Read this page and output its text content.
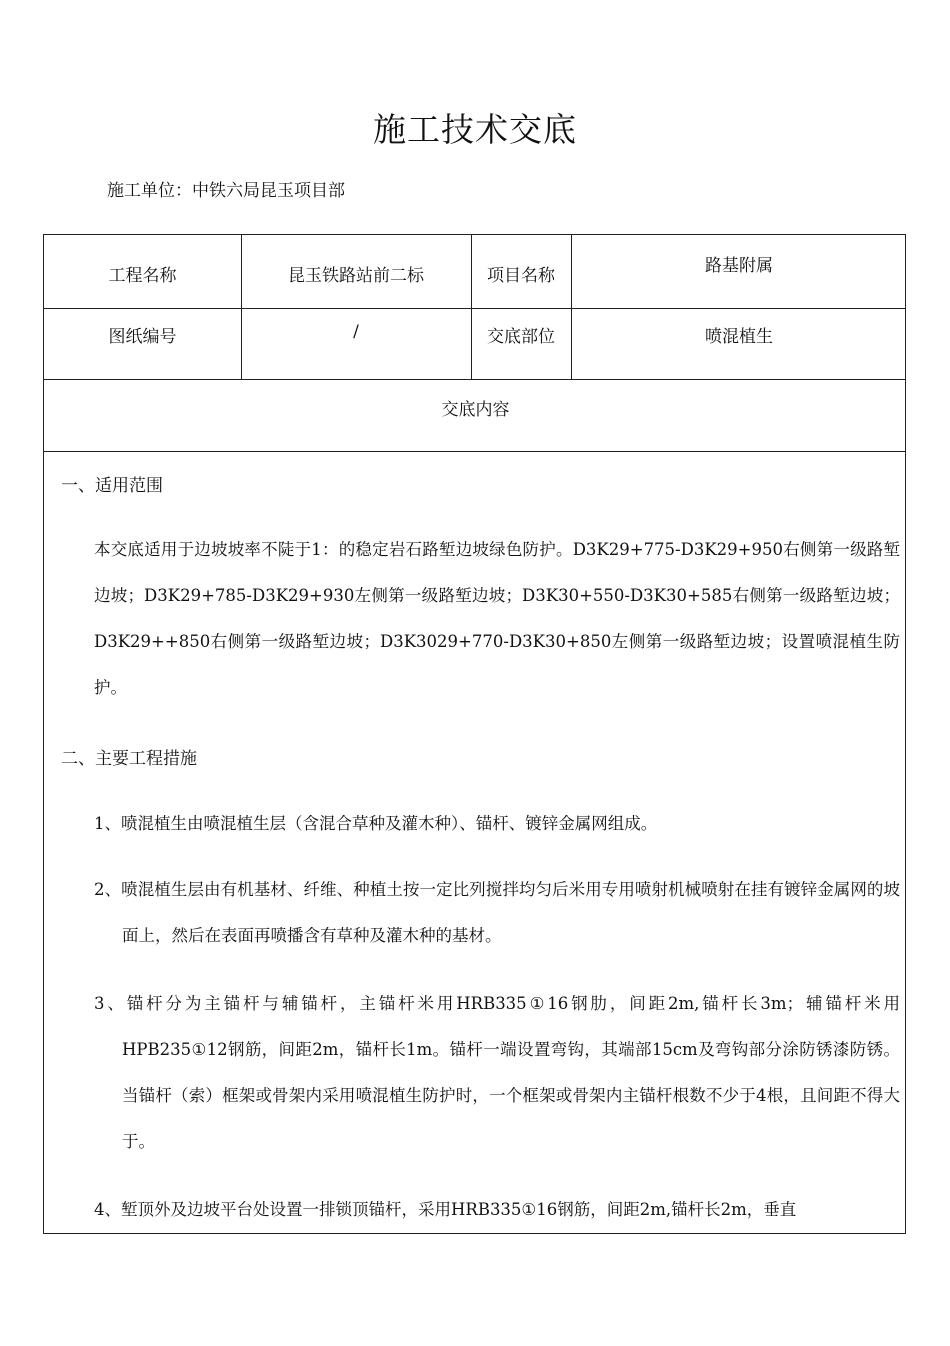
施工技术交底
施工单位：中铁六局昆玉项目部
工程名称	昆玉铁路站前二标	项目名称	路基附属
图纸编号	/	交底部位	喷混植生
交底内容
一、适用范围

本交底适用于边坡坡率不陡于1：的稳定岩石路堑边坡绿色防护。D3K29+775-D3K29+950右侧第一级路堑边坡；D3K29+785-D3K29+930左侧第一级路堑边坡；D3K30+550-D3K30+585右侧第一级路堑边坡；D3K29++850右侧第一级路堑边坡；D3K3029+770-D3K30+850左侧第一级路堑边坡；设置喷混植生防护。

二、主要工程措施

1、喷混植生由喷混植生层（含混合草种及灌木种）、锚杆、镀锌金属网组成。

2、喷混植生层由有机基材、纤维、种植土按一定比列搅拌均匀后米用专用喷射机械喷射在挂有镀锌金属网的坡面上，然后在表面再喷播含有草种及灌木种的基材。

3、锚杆分为主锚杆与辅锚杆，主锚杆米用HRB335①16钢肋，间距2m,锚杆长3m；辅锚杆米用HPB235①12钢筋，间距2m，锚杆长1m。锚杆一端设置弯钩，其端部15cm及弯钩部分涂防锈漆防锈。当锚杆（索）框架或骨架内采用喷混植生防护时，一个框架或骨架内主锚杆根数不少于4根，且间距不得大于。

4、堑顶外及边坡平台处设置一排锁顶锚杆，采用HRB335①16钢筋，间距2m,锚杆长2m，垂直
